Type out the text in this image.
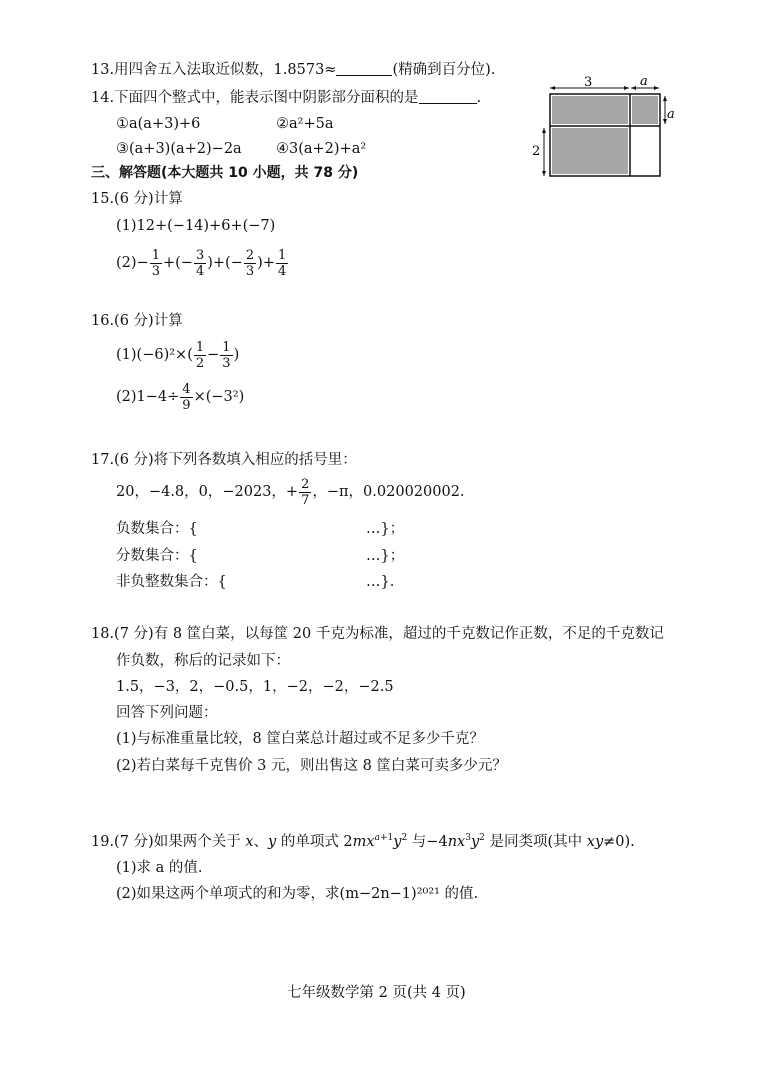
13.用四舍五入法取近似数，1.8573≈	(精确到百分位).
14.下面四个整式中，能表示图中阴影部分面积的是	.
①a(a+3)+6	②a²+5a
③(a+3)(a+2)−2a ④3(a+2)+a²
3	a
a
2
三、解答题(本大题共 10 小题，共 78 分)
15.(6 分)计算
(1)12+(−14)+6+(−7)
$(2)- \frac{1}{3}$ +(− $\frac{3}{4}$ )+(− $\frac{2}{3}$ )+ $\frac{1}{4}$
16.(6 分)计算
$(1)(-6)^2\times( \frac{1}{2} - \frac{1}{3}$ )
$(2)1-4\div \frac{4}{9} \times(-3^2)$
17.(6 分)将下列各数填入相应的括号里：
20，−4.8，0，−2023，+ $\frac{2}{7}$ ，−π，0.020020002.
负数集合：{	…}；
分数集合：{	…}；
非负整数集合：{	…}.
18.(7 分)有 8 筐白菜，以每筐 20 千克为标准，超过的千克数记作正数，不足的千克数记
作负数，称后的记录如下：
1.5，−3，2，−0.5，1，−2，−2，−2.5
回答下列问题：
(1)与标准重量比较，8 筐白菜总计超过或不足多少千克？
(2)若白菜每千克售价 3 元，则出售这 8 筐白菜可卖多少元？
19.(7 分)如果两个关于 x、y 的单项式 $2mx^{a+1}y^2$ 与$-4nx^3y^2$ 是同类项(其中 xy≠0).
(1)求 a 的值.
(2)如果这两个单项式的和为零，求(m−2n−1)²⁰²¹ 的值.
七年级数学第 2 页(共 4 页)
